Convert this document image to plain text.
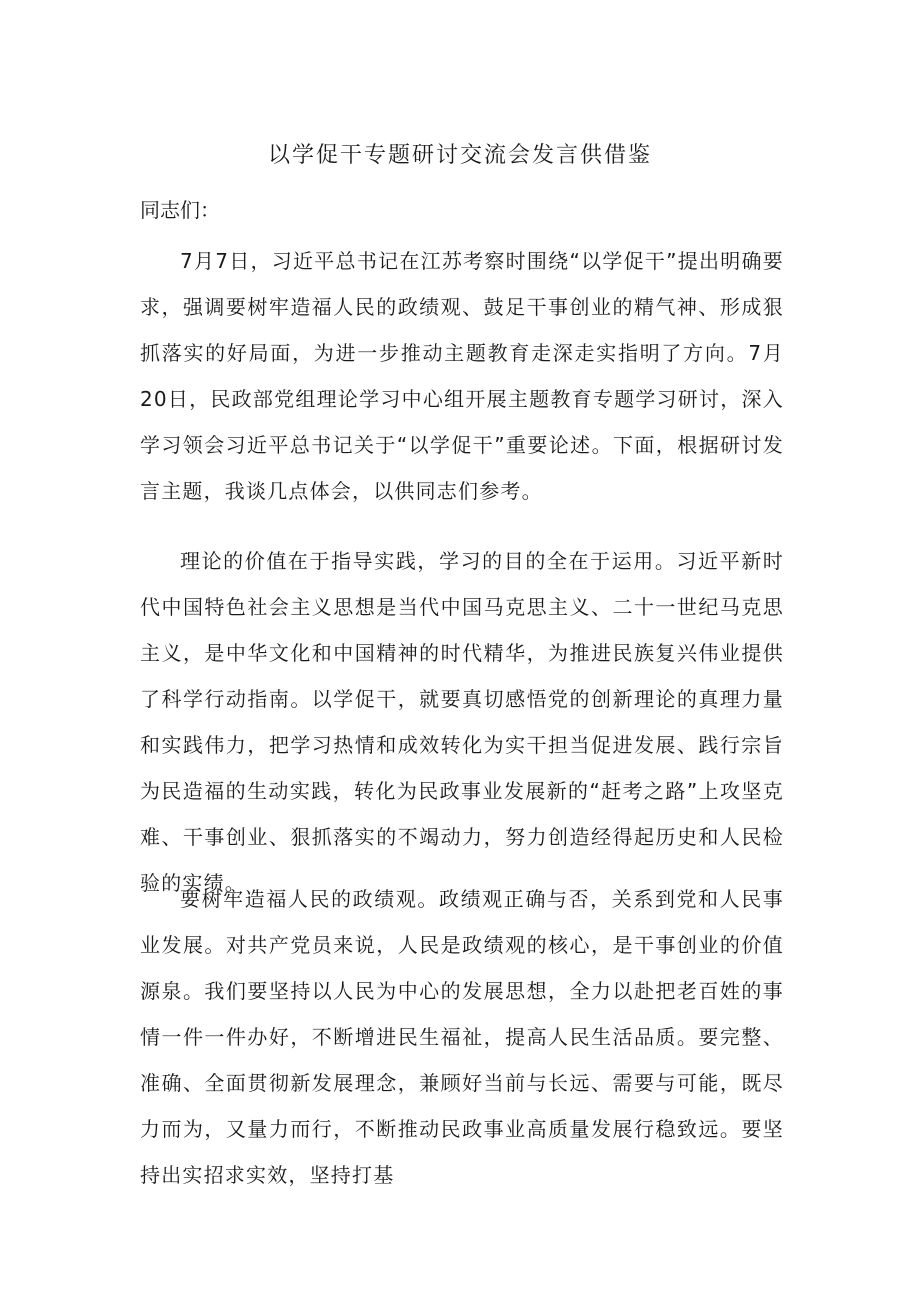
以学促干专题研讨交流会发言供借鉴

同志们：

7月7日，习近平总书记在江苏考察时围绕“以学促干”提出明确要求，强调要树牢造福人民的政绩观、鼓足干事创业的精气神、形成狠抓落实的好局面，为进一步推动主题教育走深走实指明了方向。7月20日，民政部党组理论学习中心组开展主题教育专题学习研讨，深入学习领会习近平总书记关于“以学促干”重要论述。下面，根据研讨发言主题，我谈几点体会，以供同志们参考。

理论的价值在于指导实践，学习的目的全在于运用。习近平新时代中国特色社会主义思想是当代中国马克思主义、二十一世纪马克思主义，是中华文化和中国精神的时代精华，为推进民族复兴伟业提供了科学行动指南。以学促干，就要真切感悟党的创新理论的真理力量和实践伟力，把学习热情和成效转化为实干担当促进发展、践行宗旨为民造福的生动实践，转化为民政事业发展新的“赶考之路”上攻坚克难、干事创业、狠抓落实的不竭动力，努力创造经得起历史和人民检验的实绩。

要树牢造福人民的政绩观。政绩观正确与否，关系到党和人民事业发展。对共产党员来说，人民是政绩观的核心，是干事创业的价值源泉。我们要坚持以人民为中心的发展思想，全力以赴把老百姓的事情一件一件办好，不断增进民生福祉，提高人民生活品质。要完整、准确、全面贯彻新发展理念，兼顾好当前与长远、需要与可能，既尽力而为，又量力而行，不断推动民政事业高质量发展行稳致远。要坚持出实招求实效，坚持打基
